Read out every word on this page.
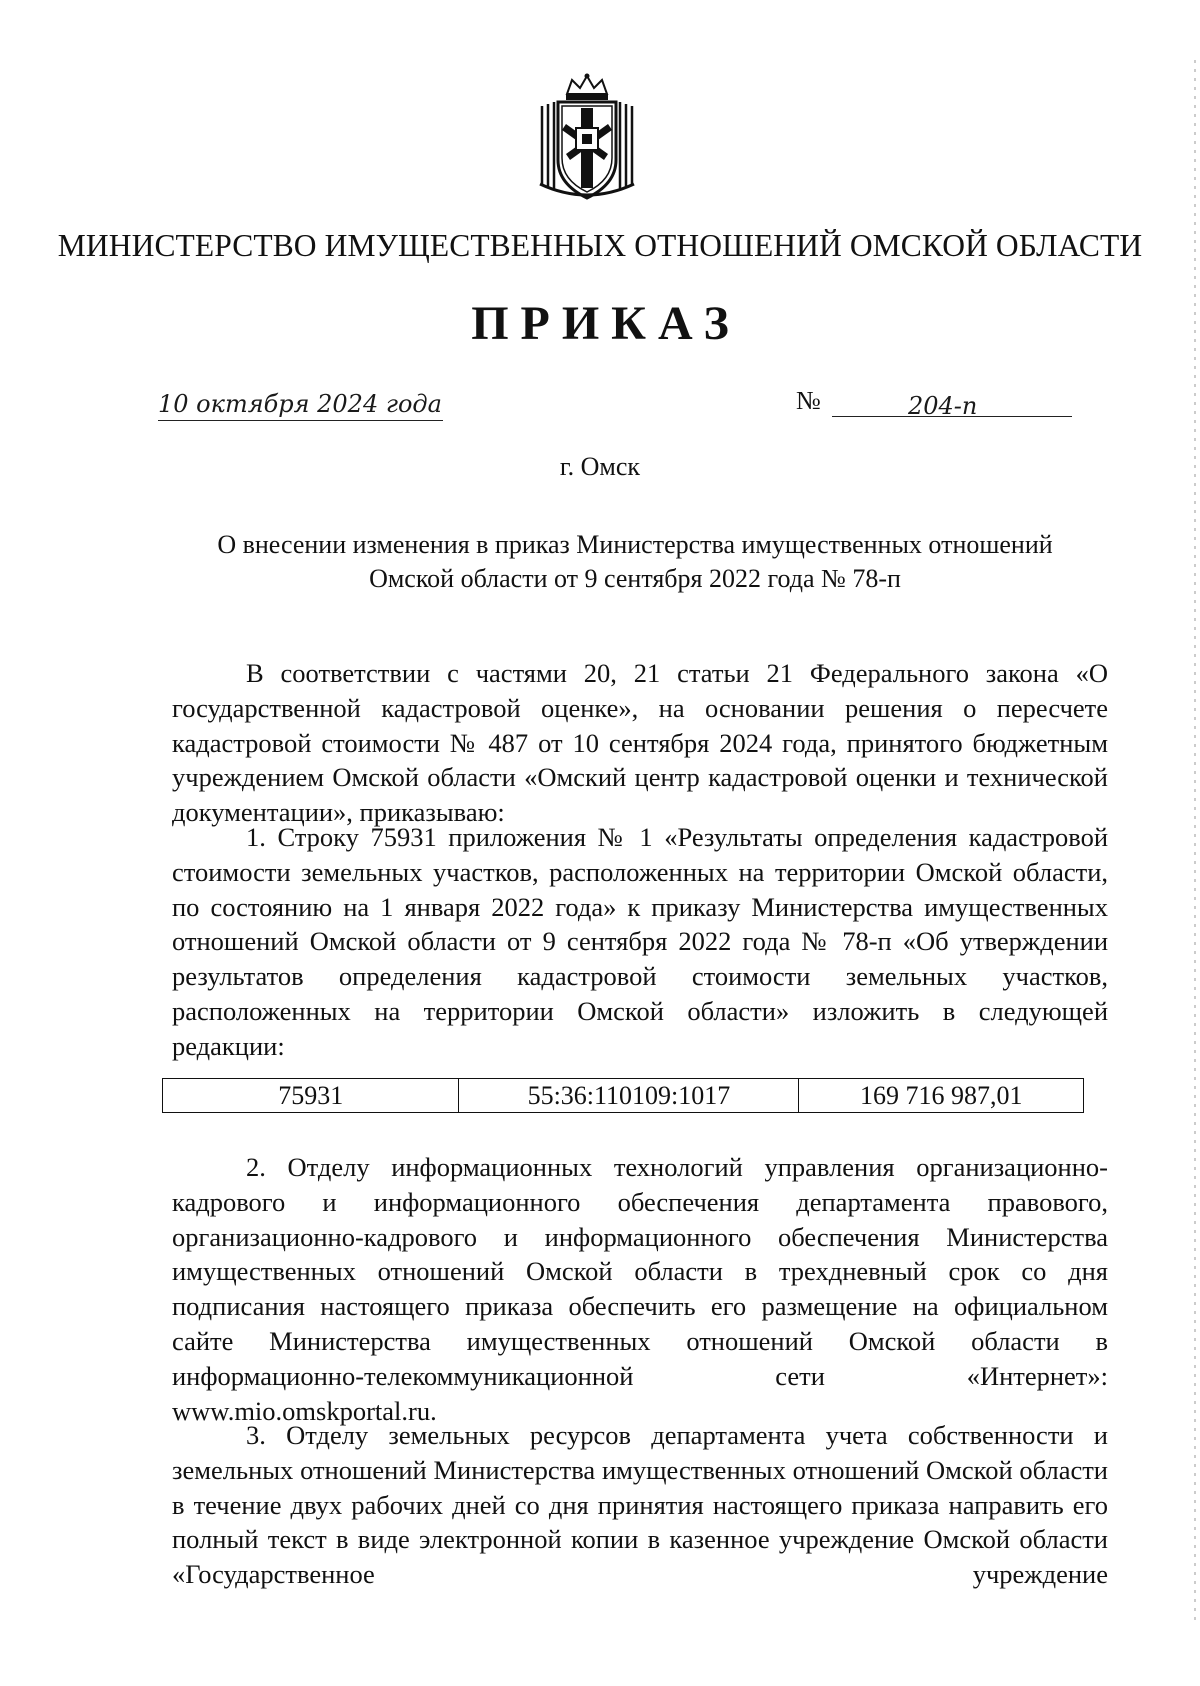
МИНИСТЕРСТВО ИМУЩЕСТВЕННЫХ ОТНОШЕНИЙ ОМСКОЙ ОБЛАСТИ
ПРИКАЗ
10 октября 2024 года	№	204-п
г. Омск
О внесении изменения в приказ Министерства имущественных отношений
Омской области от 9 сентября 2022 года № 78-п

В соответствии с частями 20, 21 статьи 21 Федерального закона «О государственной кадастровой оценке», на основании решения о пересчете кадастровой стоимости № 487 от 10 сентября 2024 года, принятого бюджетным учреждением Омской области «Омский центр кадастровой оценки и технической документации», приказываю:

1. Строку 75931 приложения № 1 «Результаты определения кадастровой стоимости земельных участков, расположенных на территории Омской области, по состоянию на 1 января 2022 года» к приказу Министерства имущественных отношений Омской области от 9 сентября 2022 года № 78-п «Об утверждении результатов определения кадастровой стоимости земельных участков, расположенных на территории Омской области» изложить в следующей редакции:

75931	55:36:110109:1017	169 716 987,01

2. Отделу информационных технологий управления организационно-кадрового и информационного обеспечения департамента правового, организационно-кадрового и информационного обеспечения Министерства имущественных отношений Омской области в трехдневный срок со дня подписания настоящего приказа обеспечить его размещение на официальном сайте Министерства имущественных отношений Омской области в информационно-телекоммуникационной сети «Интернет»: www.mio.omskportal.ru.

3. Отделу земельных ресурсов департамента учета собственности и земельных отношений Министерства имущественных отношений Омской области в течение двух рабочих дней со дня принятия настоящего приказа направить его полный текст в виде электронной копии в казенное учреждение Омской области «Государственное учреждение
